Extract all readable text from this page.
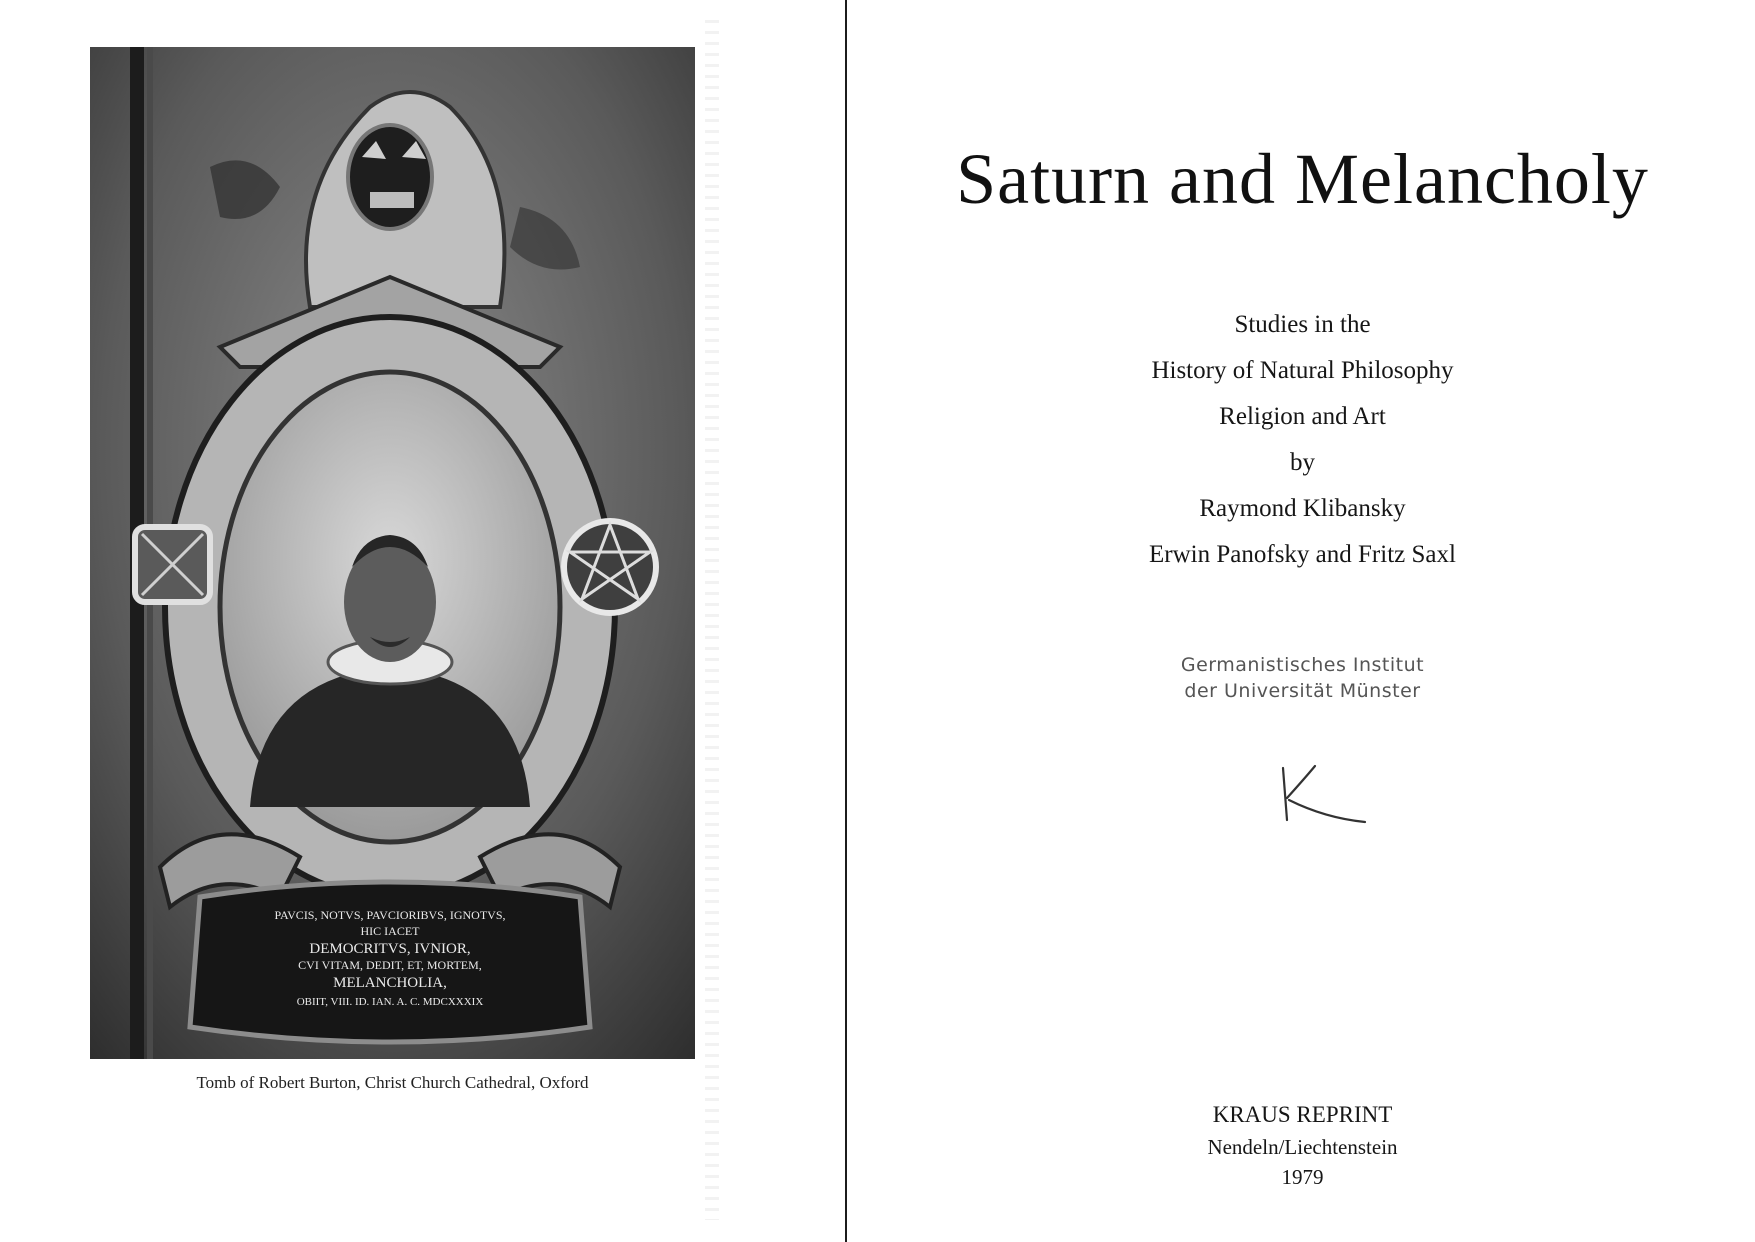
PAVCIS, NOTVS, PAVCIORIBVS, IGNOTVS,
HIC IACET
DEMOCRITVS, IVNIOR,
CVI VITAM, DEDIT, ET, MORTEM,
MELANCHOLIA,
OBIIT, VIII. ID. IAN. A. C. MDCXXXIX
Tomb of Robert Burton, Christ Church Cathedral, Oxford
Saturn and Melancholy
Studies in the
History of Natural Philosophy
Religion and Art
by
Raymond Klibansky
Erwin Panofsky and Fritz Saxl
Germanistisches Institut
der Universität Münster
KRAUS REPRINT
Nendeln/Liechtenstein
1979
